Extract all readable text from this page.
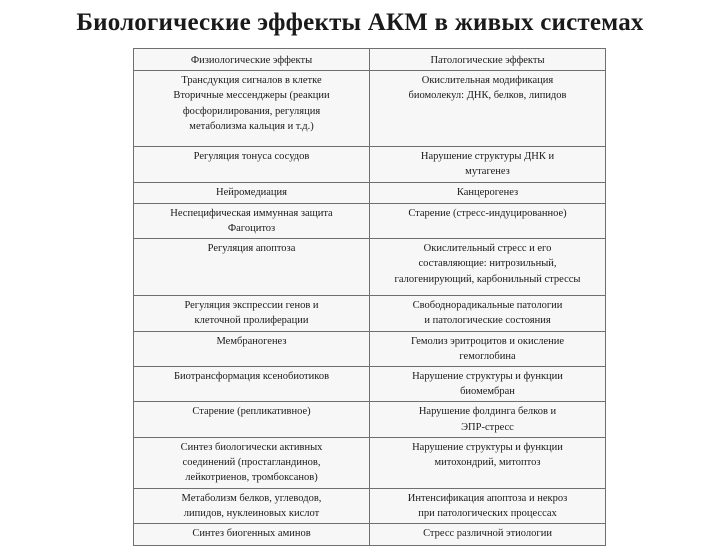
Биологические эффекты АКМ в живых системах
Физиологические эффекты	Патологические эффекты

Трансдукция сигналов в клетке
Вторичные мессенджеры (реакции
фосфорилирования, регуляция
метаболизма кальция и т.д.)	Окислительная модификация
биомолекул: ДНК, белков, липидов

Регуляция тонуса сосудов	Нарушение структуры ДНК и
мутагенез

Нейромедиация	Канцерогенез

Неспецифическая иммунная защита
Фагоцитоз	Старение (стресс-индуцированное)

Регуляция апоптоза	Окислительный стресс и его
составляющие: нитрозильный,
галогенирующий, карбонильный стрессы

Регуляция экспрессии генов и
клеточной пролиферации	Свободнорадикальные патологии
и патологические состояния

Мембраногенез	Гемолиз эритроцитов и окисление
гемоглобина

Биотрансформация ксенобиотиков	Нарушение структуры и функции
биомембран

Старение (репликативное)	Нарушение фолдинга белков и
ЭПР-стресс

Синтез биологически активных
соединений (простагландинов,
лейкотриенов, тромбоксанов)	Нарушение структуры и функции
митохондрий, митоптоз

Метаболизм белков, углеводов,
липидов, нуклеиновых кислот	Интенсификация апоптоза и некроз
при патологических процессах

Синтез биогенных аминов	Стресс различной этиологии
